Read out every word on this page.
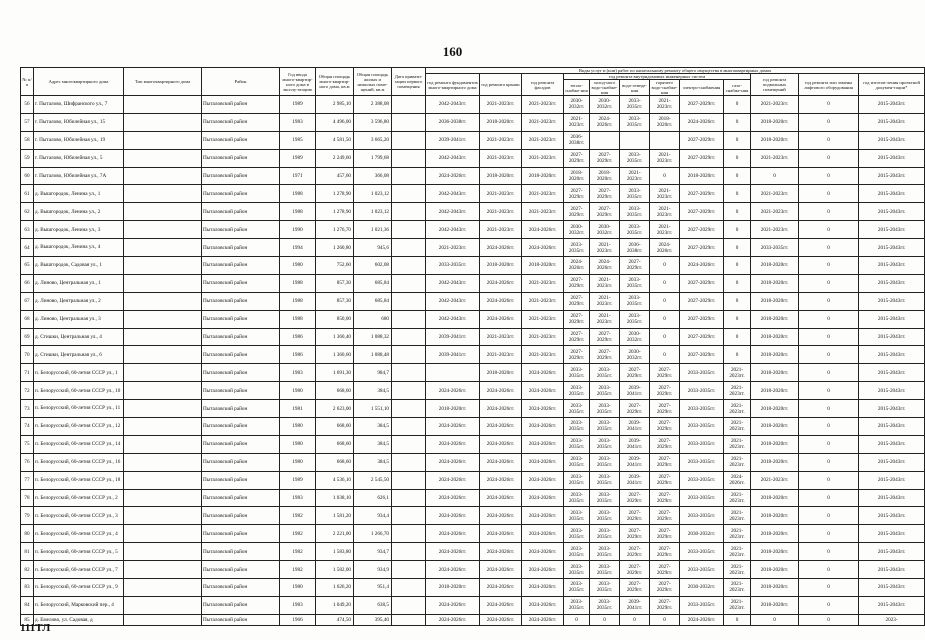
160
№ п/п	Адрес многоквартирного дома	Тип многоквартирного дома	Район	Год ввода много-квартир-ного дома в эксплу-атацию	Общая площадь много-квартир-ного дома, кв.м	Общая площадь жилых и нежилых поме-щений, кв.м	Дата привати-зации первого помещения	Виды услуг и (или) работ по капитальному ремонту общего имущества в многоквартирных домах											
								год ремонта фундаментов много-квартирного дома	год ремонта крыши	год ремонта фасадов	год ремонта внутридомовых инженерных систем						год ремонта подвальных помещений	год ремонта или замены лифтового оборудования	год изготов-ления проектной докумен-тации*
											тепло-снабже-ния	холод-ного водо-снабже-ния	водо-отведе-ния	горячего водо-снабже-ния	электро-снабжения	газо-снабже-ния			
56	г. Пыталово, Шифранского ул., 7		Пыталовский район	1989	2 985,10	2 388,08		2042-2043гг.	2021-2023гг.	2021-2023гг.	2030-2032гг.	2030-2032гг.	2033-2035гг.	2021-2023гг.	2027-2029гг.	0	2021-2023гг.	0	2015-2043гг.
57	г. Пыталово, Юбилейная ул., 15		Пыталовский район	1983	4 496,00	3 596,80		2036-2038гг.	2018-2020гг.	2021-2023гг.	2021-2023гг.	2024-2026гг.	2033-2035гг.	2018-2020гг.	2024-2026гг.	0	2018-2020гг.	0	2015-2043гг.
58	г. Пыталово, Юбилейная ул., 19		Пыталовский район	1985	4 581,50	3 665,20		2039-2041гг.	2021-2023гг.	2021-2023гг.	2036-2038гг.				2027-2029гг.	0	2018-2020гг.	0	2015-2043гг.
59	г. Пыталово, Юбилейная ул., 5		Пыталовский район	1989	2 249,60	1 799,68		2042-2043гг.	2021-2023гг.	2021-2023гг.	2027-2029гг.	2027-2029гг.	2033-2035гг.	2021-2023гг.	2027-2029гг.	0	2021-2023гг.	0	2015-2043гг.
60	г. Пыталово, Юбилейная ул., 7А		Пыталовский район	1971	457,60	366,08		2024-2026гг.	2018-2020гг.	2018-2020гг.	2018-2020гг.	2018-2020гг.	2021-2023гг.	0	2018-2020гг.	0	0	0	2015-2043гг.
61	д. Вышгородок, Ленина ул., 1		Пыталовский район	1988	1 278,90	1 023,12		2042-2043гг.	2021-2023гг.	2021-2023гг.	2027-2029гг.	2027-2029гг.	2033-2035гг.	2021-2023гг.	2027-2029гг.	0	2021-2023гг.	0	2015-2043гг.
62	д. Вышгородок, Ленина ул., 2		Пыталовский район	1988	1 278,90	1 023,12		2042-2043гг.	2021-2023гг.	2021-2023гг.	2027-2029гг.	2027-2029гг.	2033-2035гг.	2021-2023гг.	2027-2029гг.	0	2021-2023гг.	0	2015-2043гг.
63	д. Вышгородок, Ленина ул., 3		Пыталовский район	1990	1 276,70	1 021,36		2042-2043гг.	2021-2023гг.	2024-2026гг.	2030-2032гг.	2030-2032гг.	2033-2035гг.	2021-2023гг.	2027-2029гг.	0	2021-2023гг.	0	2015-2043гг.
64	д. Вышгородок, Ленина ул., 4		Пыталовский район	1994	1 260,80	945,6		2021-2023гг.	2024-2026гг.	2024-2026гг.	2033-2035гг.	2021-2023гг.	2036-2038гг.	2024-2026гг.	2027-2029гг.	0	2033-2035гг.	0	2015-2043гг.
65	д. Вышгородок, Садовая ул., 1		Пыталовский район	1980	752,60	602,08		2033-2035гг.	2018-2020гг.	2018-2020гг.	2024-2026гг.	2024-2026гг.	2027-2029гг.	0	2024-2026гг.	0	2018-2020гг.	0	2015-2043гг.
66	д. Линово, Центральная ул., 1		Пыталовский район	1988	857,30	685,84		2042-2043гг.	2024-2026гг.	2021-2023гг.	2027-2029гг.	2021-2023гг.	2033-2035гг.	0	2027-2029гг.	0	2018-2020гг.	0	2015-2043гг.
67	д. Линово, Центральная ул., 2		Пыталовский район	1988	857,30	685,84		2042-2043гг.	2024-2026гг.	2021-2023гг.	2027-2029гг.	2021-2023гг.	2033-2035гг.	0	2027-2029гг.	0	2018-2020гг.	0	2015-2043гг.
68	д. Линово, Центральная ул., 3		Пыталовский район	1988	850,00	680		2042-2043гг.	2024-2026гг.	2021-2023гг.	2027-2029гг.	2021-2023гг.	2033-2035гг.	0	2027-2029гг.	0	2018-2020гг.	0	2015-2043гг.
69	д. Стишки, Центральная ул., 4		Пыталовский район	1986	1 360,40	1 088,32		2039-2041гг.	2021-2023гг.	2021-2023гг.	2027-2029гг.	2027-2029гг.	2030-2032гг.	0	2027-2029гг.	0	2018-2020гг.	0	2015-2043гг.
70	д. Стишки, Центральная ул., 6		Пыталовский район	1986	1 360,60	1 088,48		2039-2041гг.	2021-2023гг.	2021-2023гг.	2027-2029гг.	2027-2029гг.	2030-2032гг.	0	2027-2029гг.	0	2018-2020гг.	0	2015-2043гг.
71	п. Белорусский, 60-летия СССР ул., 1		Пыталовский район	1983	1 691,30	984,7			2018-2020гг.	2024-2026гг.	2033-2035гг.	2033-2035гг.	2027-2029гг.	2027-2029гг.	2033-2035гг.	2021-2023гг.	2018-2020гг.	0	2015-2043гг.
72	п. Белорусский, 60-летия СССР ул., 10		Пыталовский район	1980	668,60	384,5		2024-2026гг.	2024-2026гг.	2024-2026гг.	2033-2035гг.	2033-2035гг.	2039-2041гг.	2027-2029гг.	2033-2035гг.	2021-2023гг.	2018-2020гг.	0	2015-2043гг.
73	п. Белорусский, 60-летия СССР ул., 11		Пыталовский район	1981	2 623,00	1 551,10		2018-2020гг.	2024-2026гг.	2024-2026гг.	2033-2035гг.	2033-2035гг.	2027-2029гг.	2027-2029гг.	2033-2035гг.	2021-2023гг.	2018-2020гг.	0	2015-2043гг.
74	п. Белорусский, 60-летия СССР ул., 12		Пыталовский район	1980	668,60	384,5		2024-2026гг.	2024-2026гг.	2024-2026гг.	2033-2035гг.	2033-2035гг.	2039-2041гг.	2027-2029гг.	2033-2035гг.	2021-2023гг.	2018-2020гг.	0	2015-2043гг.
75	п. Белорусский, 60-летия СССР ул., 14		Пыталовский район	1980	668,60	384,5		2024-2026гг.	2024-2026гг.	2024-2026гг.	2033-2035гг.	2033-2035гг.	2039-2041гг.	2027-2029гг.	2033-2035гг.	2021-2023гг.	2018-2020гг.	0	2015-2043гг.
76	п. Белорусский, 60-летия СССР ул., 16		Пыталовский район	1980	668,60	384,5		2024-2026гг.	2024-2026гг.	2024-2026гг.	2033-2035гг.	2033-2035гг.	2039-2041гг.	2027-2029гг.	2033-2035гг.	2021-2023гг.	2018-2020гг.	0	2015-2043гг.
77	п. Белорусский, 60-летия СССР ул., 18		Пыталовский район	1989	4 536,10	2 545,50		2024-2026гг.	2024-2026гг.	2024-2026гг.	2033-2035гг.	2033-2035гг.	2039-2041гг.	2027-2029гг.	2033-2035гг.	2024-2026гг.	2021-2023гг.	0	2015-2043гг.
78	п. Белорусский, 60-летия СССР ул., 2		Пыталовский район	1983	1 038,10	626,1		2024-2026гг.	2024-2026гг.	2024-2026гг.	2033-2035гг.	2033-2035гг.	2027-2029гг.	2027-2029гг.	2033-2035гг.	2021-2023гг.	2018-2020гг.	0	2015-2043гг.
79	п. Белорусский, 60-летия СССР ул., 3		Пыталовский район	1982	1 581,20	934,4		2024-2026гг.	2024-2026гг.	2024-2026гг.	2033-2035гг.	2033-2035гг.	2027-2029гг.	2027-2029гг.	2033-2035гг.	2021-2023гг.	2018-2020гг.	0	2015-2043гг.
80	п. Белорусский, 60-летия СССР ул., 4		Пыталовский район	1982	2 221,00	1 266,70		2024-2026гг.	2024-2026гг.	2024-2026гг.	2033-2035гг.	2033-2035гг.	2027-2029гг.	2027-2029гг.	2030-2032гг.	2021-2023гг.	2018-2020гг.	0	2015-2043гг.
81	п. Белорусский, 60-летия СССР ул., 5		Пыталовский район	1982	1 583,80	934,7		2024-2026гг.	2024-2026гг.	2024-2026гг.	2033-2035гг.	2033-2035гг.	2027-2029гг.	2027-2029гг.	2033-2035гг.	2021-2023гг.	2018-2020гг.	0	2015-2043гг.
82	п. Белорусский, 60-летия СССР ул., 7		Пыталовский район	1982	1 582,00	934,9		2024-2026гг.	2024-2026гг.	2024-2026гг.	2033-2035гг.	2033-2035гг.	2027-2029гг.	2027-2029гг.	2033-2035гг.	2021-2023гг.	2018-2020гг.	0	2015-2043гг.
83	п. Белорусский, 60-летия СССР ул., 9		Пыталовский район	1980	1 626,20	951,4		2018-2020гг.	2024-2026гг.	2024-2026гг.	2033-2035гг.	2033-2035гг.	2027-2029гг.	2027-2029гг.	2030-2032гг.	2021-2023гг.	2018-2020гг.	0	2015-2043гг.
84	п. Белорусский, Марковский пер., 4		Пыталовский район	1983	1 049,20	638,5		2024-2026гг.	2024-2026гг.	2024-2026гг.	2033-2035гг.	2033-2035гг.	2039-2041гг.	2027-2029гг.	2033-2035гг.	2021-2023гг.	2018-2020гг.	0	2015-2043гг.
85	д. Емелово, ул. Садовая, д		Пыталовский район	1966	474,50	395,40		2024-2026гг.	2024-2026гг.	2024-2026гг.	0	0	0	0	2024-2026гг.	0	0	0	2023-
111ТЛ
